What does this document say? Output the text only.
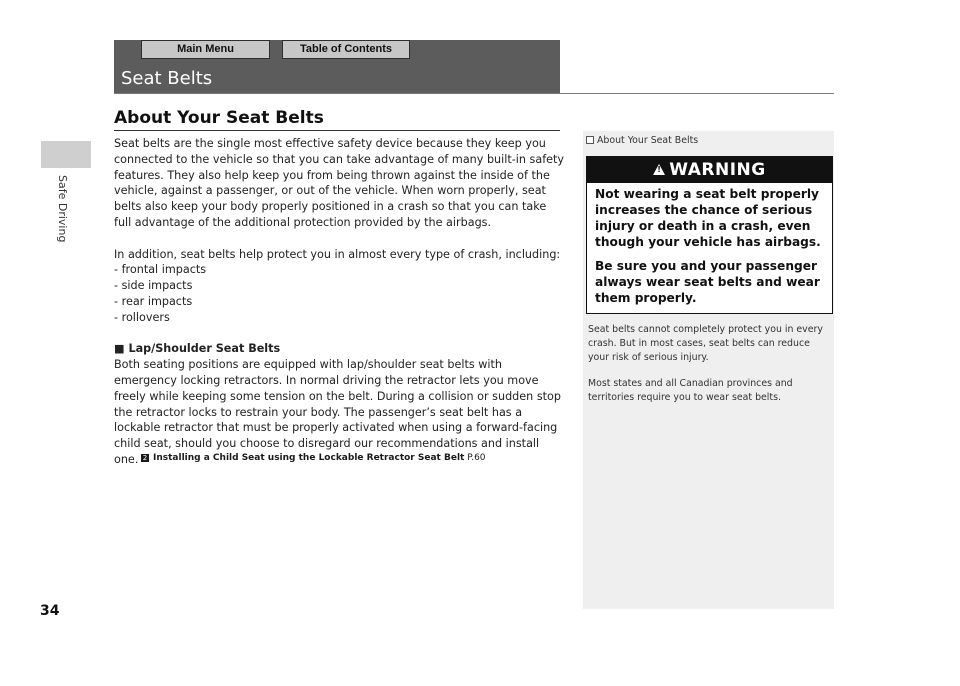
Safe Driving
Main Menu	Table of Contents
Seat Belts
About Your Seat Belts

Seat belts are the single most effective safety device because they keep you connected to the vehicle so that you can take advantage of many built-in safety features. They also help keep you from being thrown against the inside of the vehicle, against a passenger, or out of the vehicle. When worn properly, seat belts also keep your body properly positioned in a crash so that you can take full advantage of the additional protection provided by the airbags.

In addition, seat belts help protect you in almost every type of crash, including:

- frontal impacts

- side impacts

- rear impacts

- rollovers

■ Lap/Shoulder Seat Belts

Both seating positions are equipped with lap/shoulder seat belts with emergency locking retractors. In normal driving the retractor lets you move freely while keeping some tension on the belt. During a collision or sudden stop the retractor locks to restrain your body. The passenger’s seat belt has a lockable retractor that must be properly activated when using a forward-facing child seat, should you choose to disregard our recommendations and install one. 2 Installing a Child Seat using the Lockable Retractor Seat Belt P.60
About Your Seat Belts
!WARNING

Not wearing a seat belt properly increases the chance of serious injury or death in a crash, even though your vehicle has airbags.

Be sure you and your passenger always wear seat belts and wear them properly.

Seat belts cannot completely protect you in every crash. But in most cases, seat belts can reduce your risk of serious injury.

Most states and all Canadian provinces and territories require you to wear seat belts.

34
